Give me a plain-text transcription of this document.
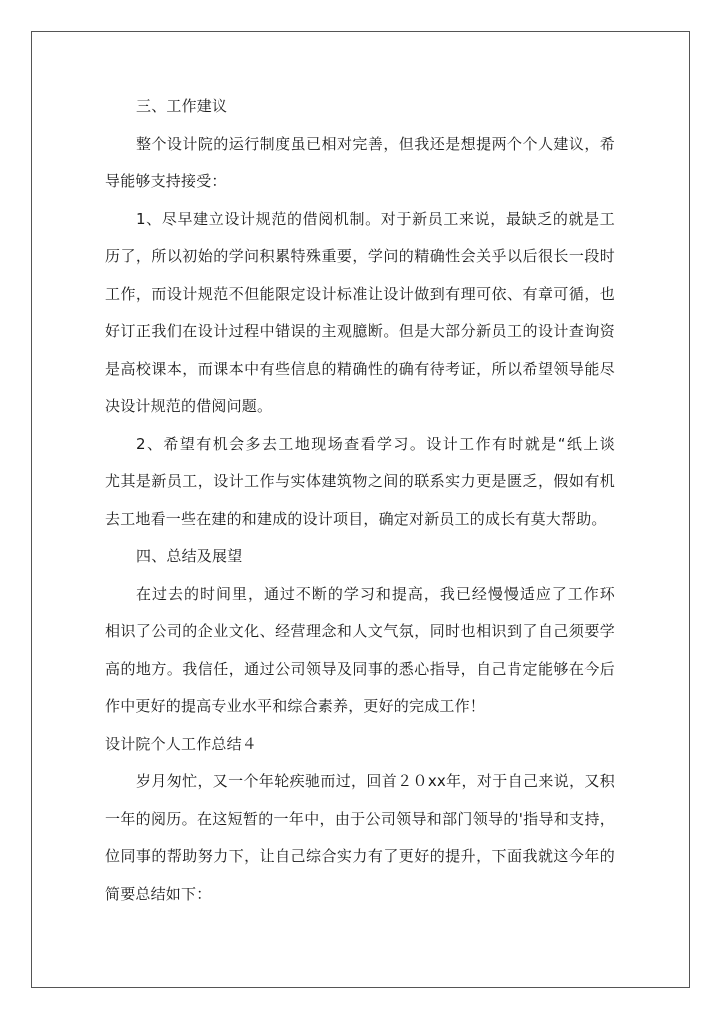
三、工作建议
整个设计院的运行制度虽已相对完善，但我还是想提两个个人建议，希
导能够支持接受：
1、尽早建立设计规范的借阅机制。对于新员工来说，最缺乏的就是工
历了，所以初始的学问积累特殊重要，学问的精确性会关乎以后很长一段时
工作，而设计规范不但能限定设计标准让设计做到有理可依、有章可循，也
好订正我们在设计过程中错误的主观臆断。但是大部分新员工的设计查询资
是高校课本，而课本中有些信息的精确性的确有待考证，所以希望领导能尽
决设计规范的借阅问题。
2、希望有机会多去工地现场查看学习。设计工作有时就是“纸上谈
尤其是新员工，设计工作与实体建筑物之间的联系实力更是匮乏，假如有机
去工地看一些在建的和建成的设计项目，确定对新员工的成长有莫大帮助。
四、总结及展望
在过去的时间里，通过不断的学习和提高，我已经慢慢适应了工作环
相识了公司的企业文化、经营理念和人文气氛，同时也相识到了自己须要学
高的地方。我信任，通过公司领导及同事的悉心指导，自己肯定能够在今后
作中更好的提高专业水平和综合素养，更好的完成工作！
设计院个人工作总结４
岁月匆忙，又一个年轮疾驰而过，回首２０xx年，对于自己来说，又积
一年的阅历。在这短暂的一年中，由于公司领导和部门领导的'指导和支持，
位同事的帮助努力下，让自己综合实力有了更好的提升，下面我就这今年的
简要总结如下：
